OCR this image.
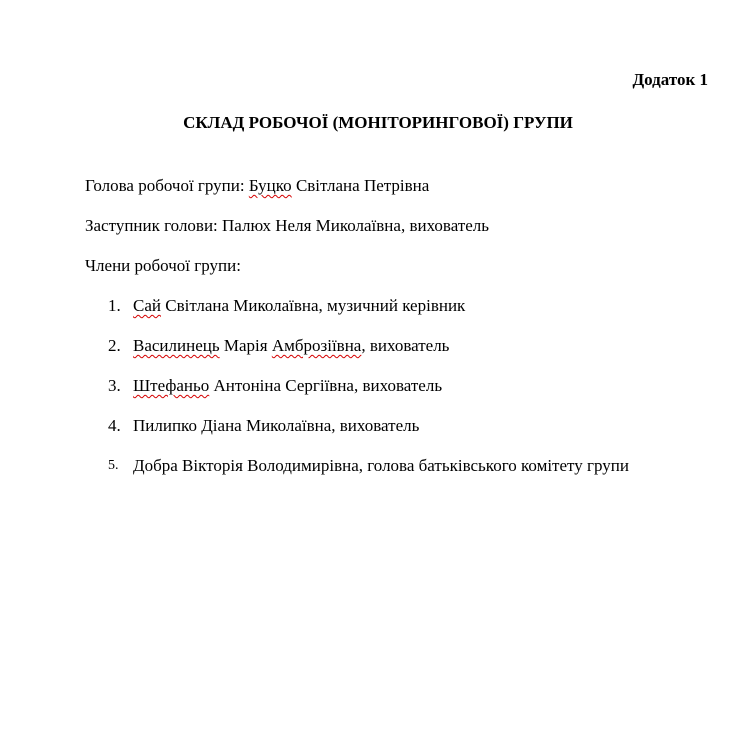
Додаток 1
СКЛАД РОБОЧОЇ (МОНІТОРИНГОВОЇ) ГРУПИ
Голова робочої групи: Буцко Світлана Петрівна
Заступник голови: Палюх Неля Миколаївна, вихователь
Члени робочої групи:
1. Сай Світлана Миколаївна, музичний керівник
2. Василинець Марія Амброзіївна, вихователь
3. Штефаньо Антоніна Сергіївна, вихователь
4. Пилипко Діана Миколаївна, вихователь
5. Добра Вікторія Володимирівна, голова батьківського комітету групи
